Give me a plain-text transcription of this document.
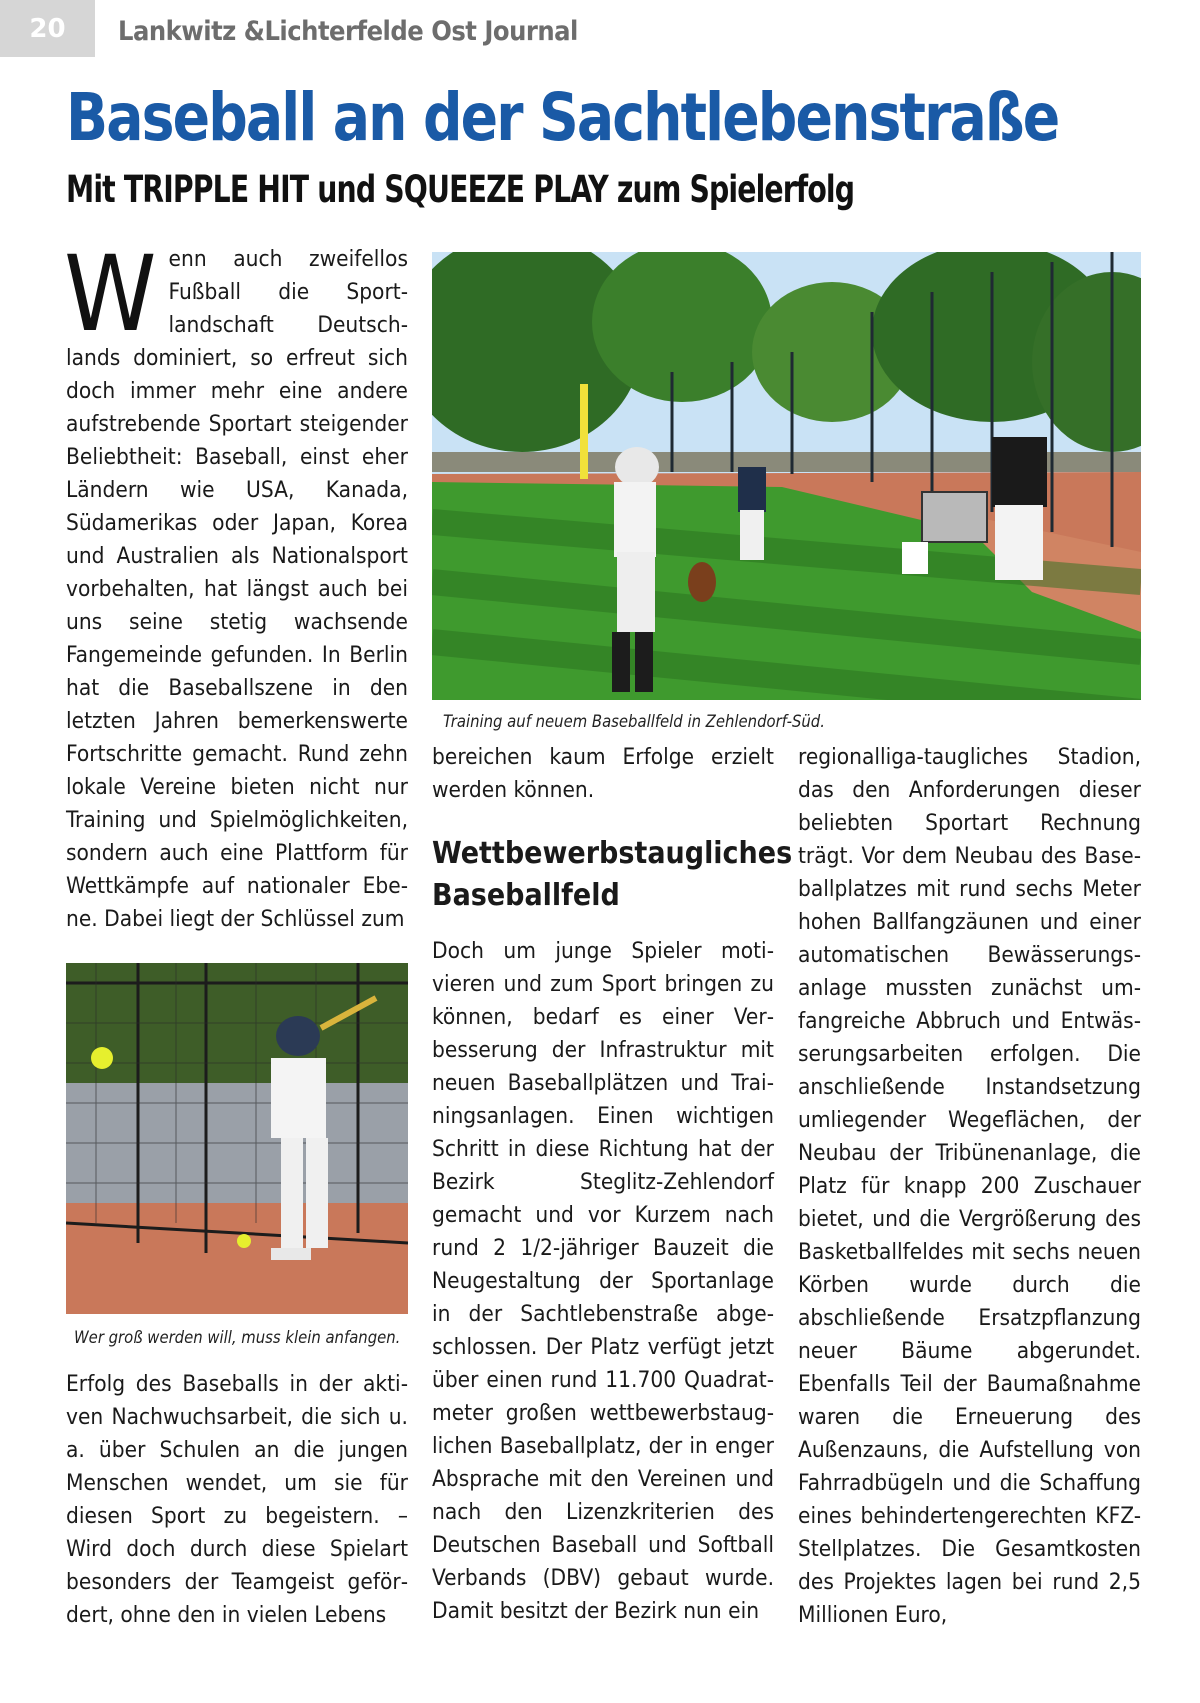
20	Lankwitz &Lichterfelde Ost Journal
Baseball an der Sachtlebenstraße
Mit TRIPPLE HIT und SQUEEZE PLAY zum Spielerfolg
W enn auch zweifellos Fußball die Sportlandschaft Deutschlands dominiert, so erfreut sich doch immer mehr eine andere aufstrebende Sportart steigender Beliebtheit: Baseball, einst eher Ländern wie USA, Kanada, Südamerikas oder Japan, Korea und Australien als Nationalsport vorbehalten, hat längst auch bei uns seine stetig wachsende Fangemeinde gefunden. In Berlin hat die Baseballszene in den letzten Jahren bemerkenswerte Fortschritte gemacht. Rund zehn lokale Vereine bieten nicht nur Training und Spielmöglichkeiten, sondern auch eine Plattform für Wettkämpfe auf nationaler Ebene. Dabei liegt der Schlüssel zum

Training auf neuem Baseballfeld in Zehlendorf-Süd.

bereichen kaum Erfolge erzielt werden können.

Wettbewerbstaugliches Baseballfeld

Doch um junge Spieler motivieren und zum Sport bringen zu können, bedarf es einer Verbesserung der Infrastruktur mit neuen Baseballplätzen und Trainingsanlagen. Einen wichtigen Schritt in diese Richtung hat der Bezirk Steglitz-Zehlendorf gemacht und vor Kurzem nach rund 2 1/2-jähriger Bauzeit die Neugestaltung der Sportanlage in der Sachtlebenstraße abgeschlossen. Der Platz verfügt jetzt über einen rund 11.700 Quadratmeter großen wettbewerbstauglichen Baseballplatz, der in enger Absprache mit den Vereinen und nach den Lizenzkriterien des Deutschen Baseball und Softball Verbands (DBV) gebaut wurde. Damit besitzt der Bezirk nun ein

regionalliga-taugliches Stadion, das den Anforderungen dieser beliebten Sportart Rechnung trägt. Vor dem Neubau des Baseballplatzes mit rund sechs Meter hohen Ballfangzäunen und einer automatischen Bewässerungsanlage mussten zunächst umfangreiche Abbruch und Entwässerungsarbeiten erfolgen. Die anschließende Instandsetzung umliegender Wegeflächen, der Neubau der Tribünenanlage, die Platz für knapp 200 Zuschauer bietet, und die Vergrößerung des Basketballfeldes mit sechs neuen Körben wurde durch die abschließende Ersatzpflanzung neuer Bäume abgerundet. Ebenfalls Teil der Baumaßnahme waren die Erneuerung des Außenzauns, die Aufstellung von Fahrradbügeln und die Schaffung eines behindertengerechten KFZ-Stellplatzes. Die Gesamtkosten des Projektes lagen bei rund 2,5 Millionen Euro,

Wer groß werden will, muss klein anfangen.

Erfolg des Baseballs in der aktiven Nachwuchsarbeit, die sich u. a. über Schulen an die jungen Menschen wendet, um sie für diesen Sport zu begeistern. – Wird doch durch diese Spielart besonders der Teamgeist gefördert, ohne den in vielen Lebens
